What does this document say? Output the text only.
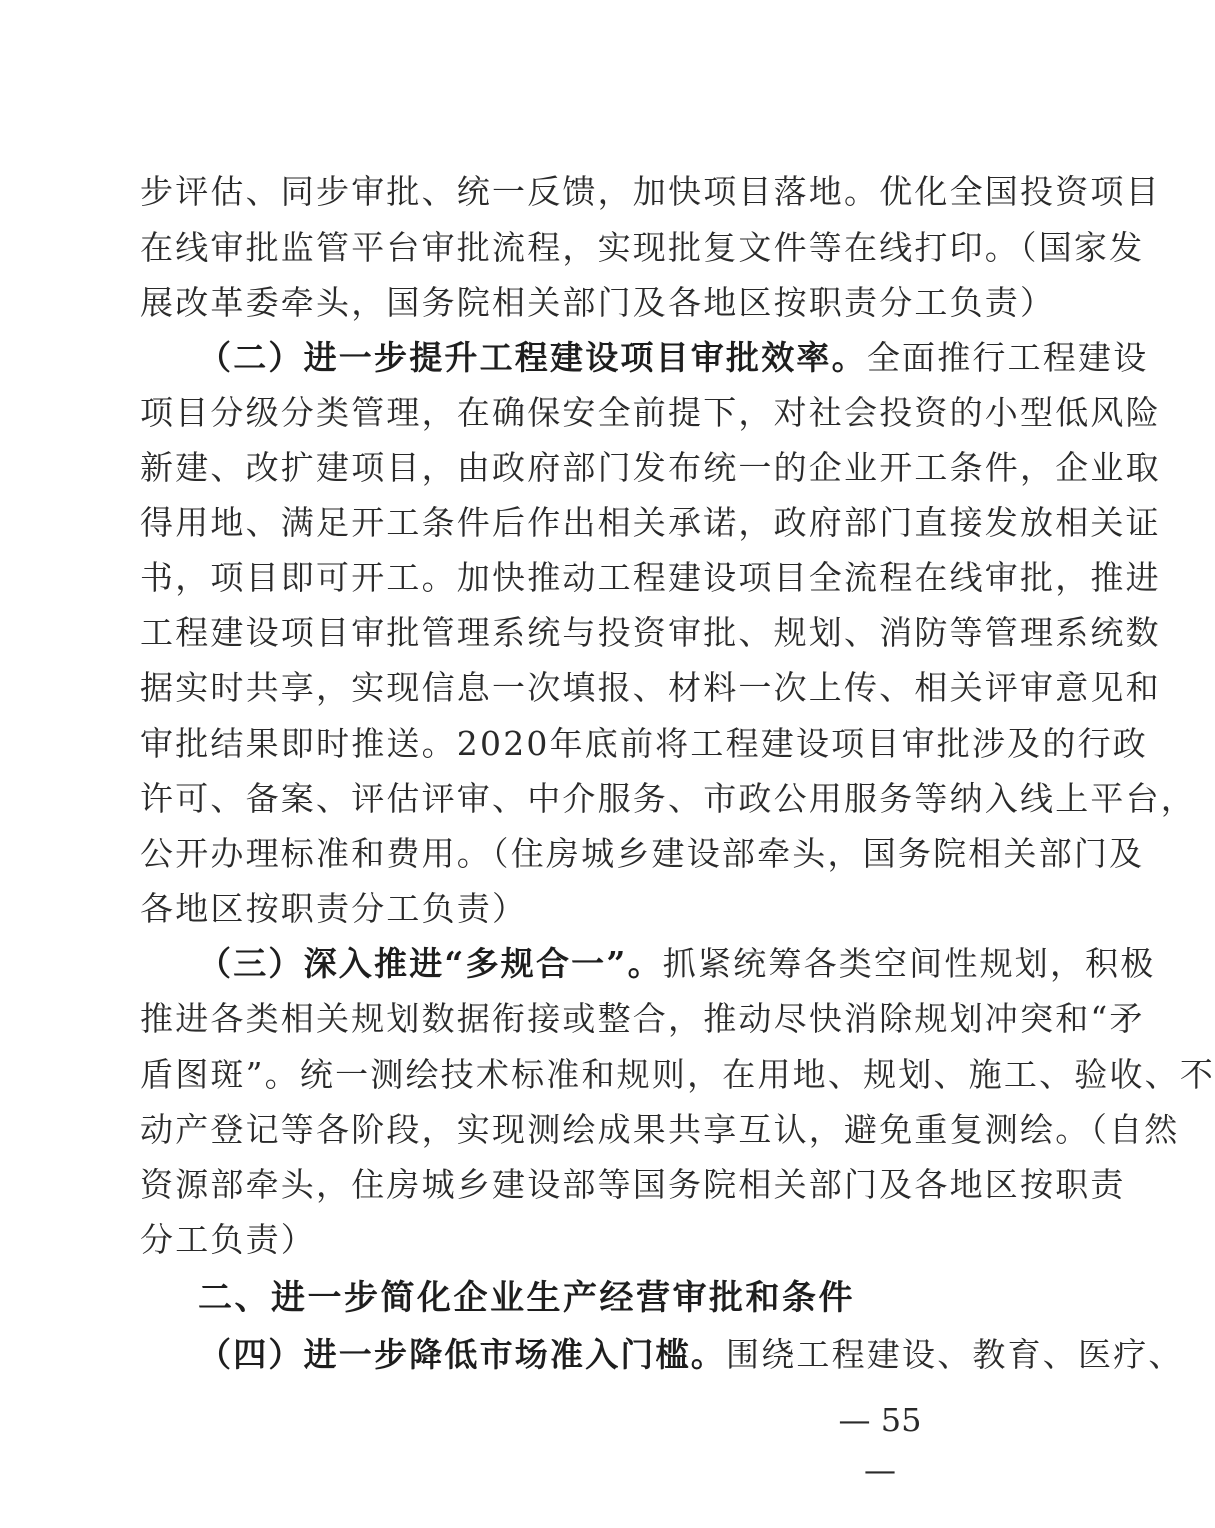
步评估、同步审批、统一反馈，加快项目落地。优化全国投资项目
在线审批监管平台审批流程，实现批复文件等在线打印。（国家发
展改革委牵头，国务院相关部门及各地区按职责分工负责）
（二）进一步提升工程建设项目审批效率。全面推行工程建设
项目分级分类管理，在确保安全前提下，对社会投资的小型低风险
新建、改扩建项目，由政府部门发布统一的企业开工条件，企业取
得用地、满足开工条件后作出相关承诺，政府部门直接发放相关证
书，项目即可开工。加快推动工程建设项目全流程在线审批，推进
工程建设项目审批管理系统与投资审批、规划、消防等管理系统数
据实时共享，实现信息一次填报、材料一次上传、相关评审意见和
审批结果即时推送。2020年底前将工程建设项目审批涉及的行政
许可、备案、评估评审、中介服务、市政公用服务等纳入线上平台，
公开办理标准和费用。（住房城乡建设部牵头，国务院相关部门及
各地区按职责分工负责）
（三）深入推进“多规合一”。抓紧统筹各类空间性规划，积极
推进各类相关规划数据衔接或整合，推动尽快消除规划冲突和“矛
盾图斑”。统一测绘技术标准和规则，在用地、规划、施工、验收、不
动产登记等各阶段，实现测绘成果共享互认，避免重复测绘。（自然
资源部牵头，住房城乡建设部等国务院相关部门及各地区按职责
分工负责）
二、进一步简化企业生产经营审批和条件
（四）进一步降低市场准入门槛。围绕工程建设、教育、医疗、
— 55 —
